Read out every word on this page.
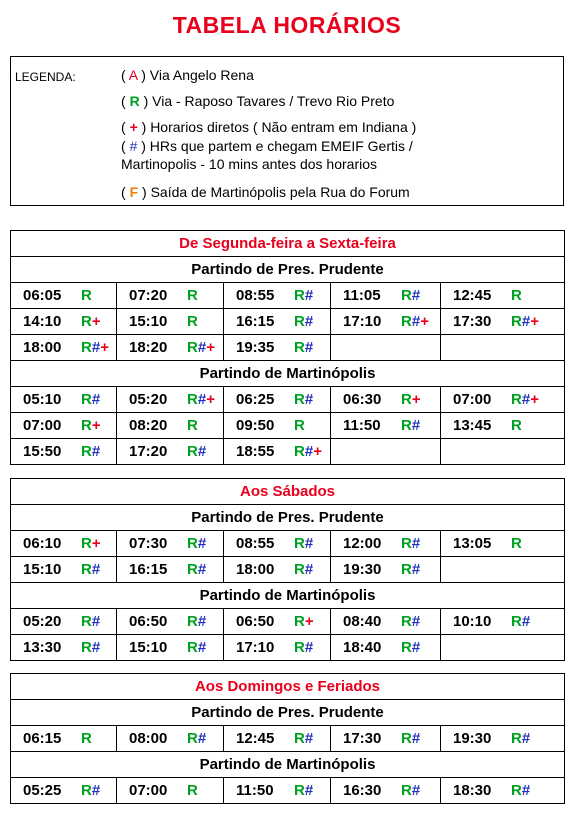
TABELA HORÁRIOS
LEGENDA:	( A ) Via Angelo Rena
( R ) Via - Raposo Tavares / Trevo Rio Preto
( + ) Horarios diretos ( Não entram em Indiana )
( # ) HRs que partem e chegam EMEIF Gertis /
Martinopolis - 10 mins antes dos horarios
( F ) Saída de Martinópolis pela Rua do Forum
De Segunda-feira a Sexta-feira
Partindo de Pres. Prudente
06:05 R 07:20 R	08:55 R# 11:05 R# 12:45 R
14:10 R+ 15:10 R	16:15 R# 17:10 R#+ 17:30 R#+
18:00 R#+ 18:20 R#+ 19:35 R#
Partindo de Martinópolis
05:10 R# 05:20 R#+ 06:25 R# 06:30 R+ 07:00 R#+
07:00 R+ 08:20 R	09:50 R	11:50 R# 13:45 R
15:50 R# 17:20 R# 18:55 R#+
Aos Sábados
Partindo de Pres. Prudente
06:10 R+ 07:30 R# 08:55 R# 12:00 R# 13:05 R
15:10 R# 16:15 R# 18:00 R# 19:30 R#
Partindo de Martinópolis
05:20 R# 06:50 R# 06:50 R+ 08:40 R# 10:10 R#
13:30 R# 15:10 R# 17:10 R# 18:40 R#
Aos Domingos e Feriados
Partindo de Pres. Prudente
06:15 R 08:00 R# 12:45 R# 17:30 R# 19:30 R#
Partindo de Martinópolis
05:25 R# 07:00 R	11:50 R# 16:30 R# 18:30 R#
